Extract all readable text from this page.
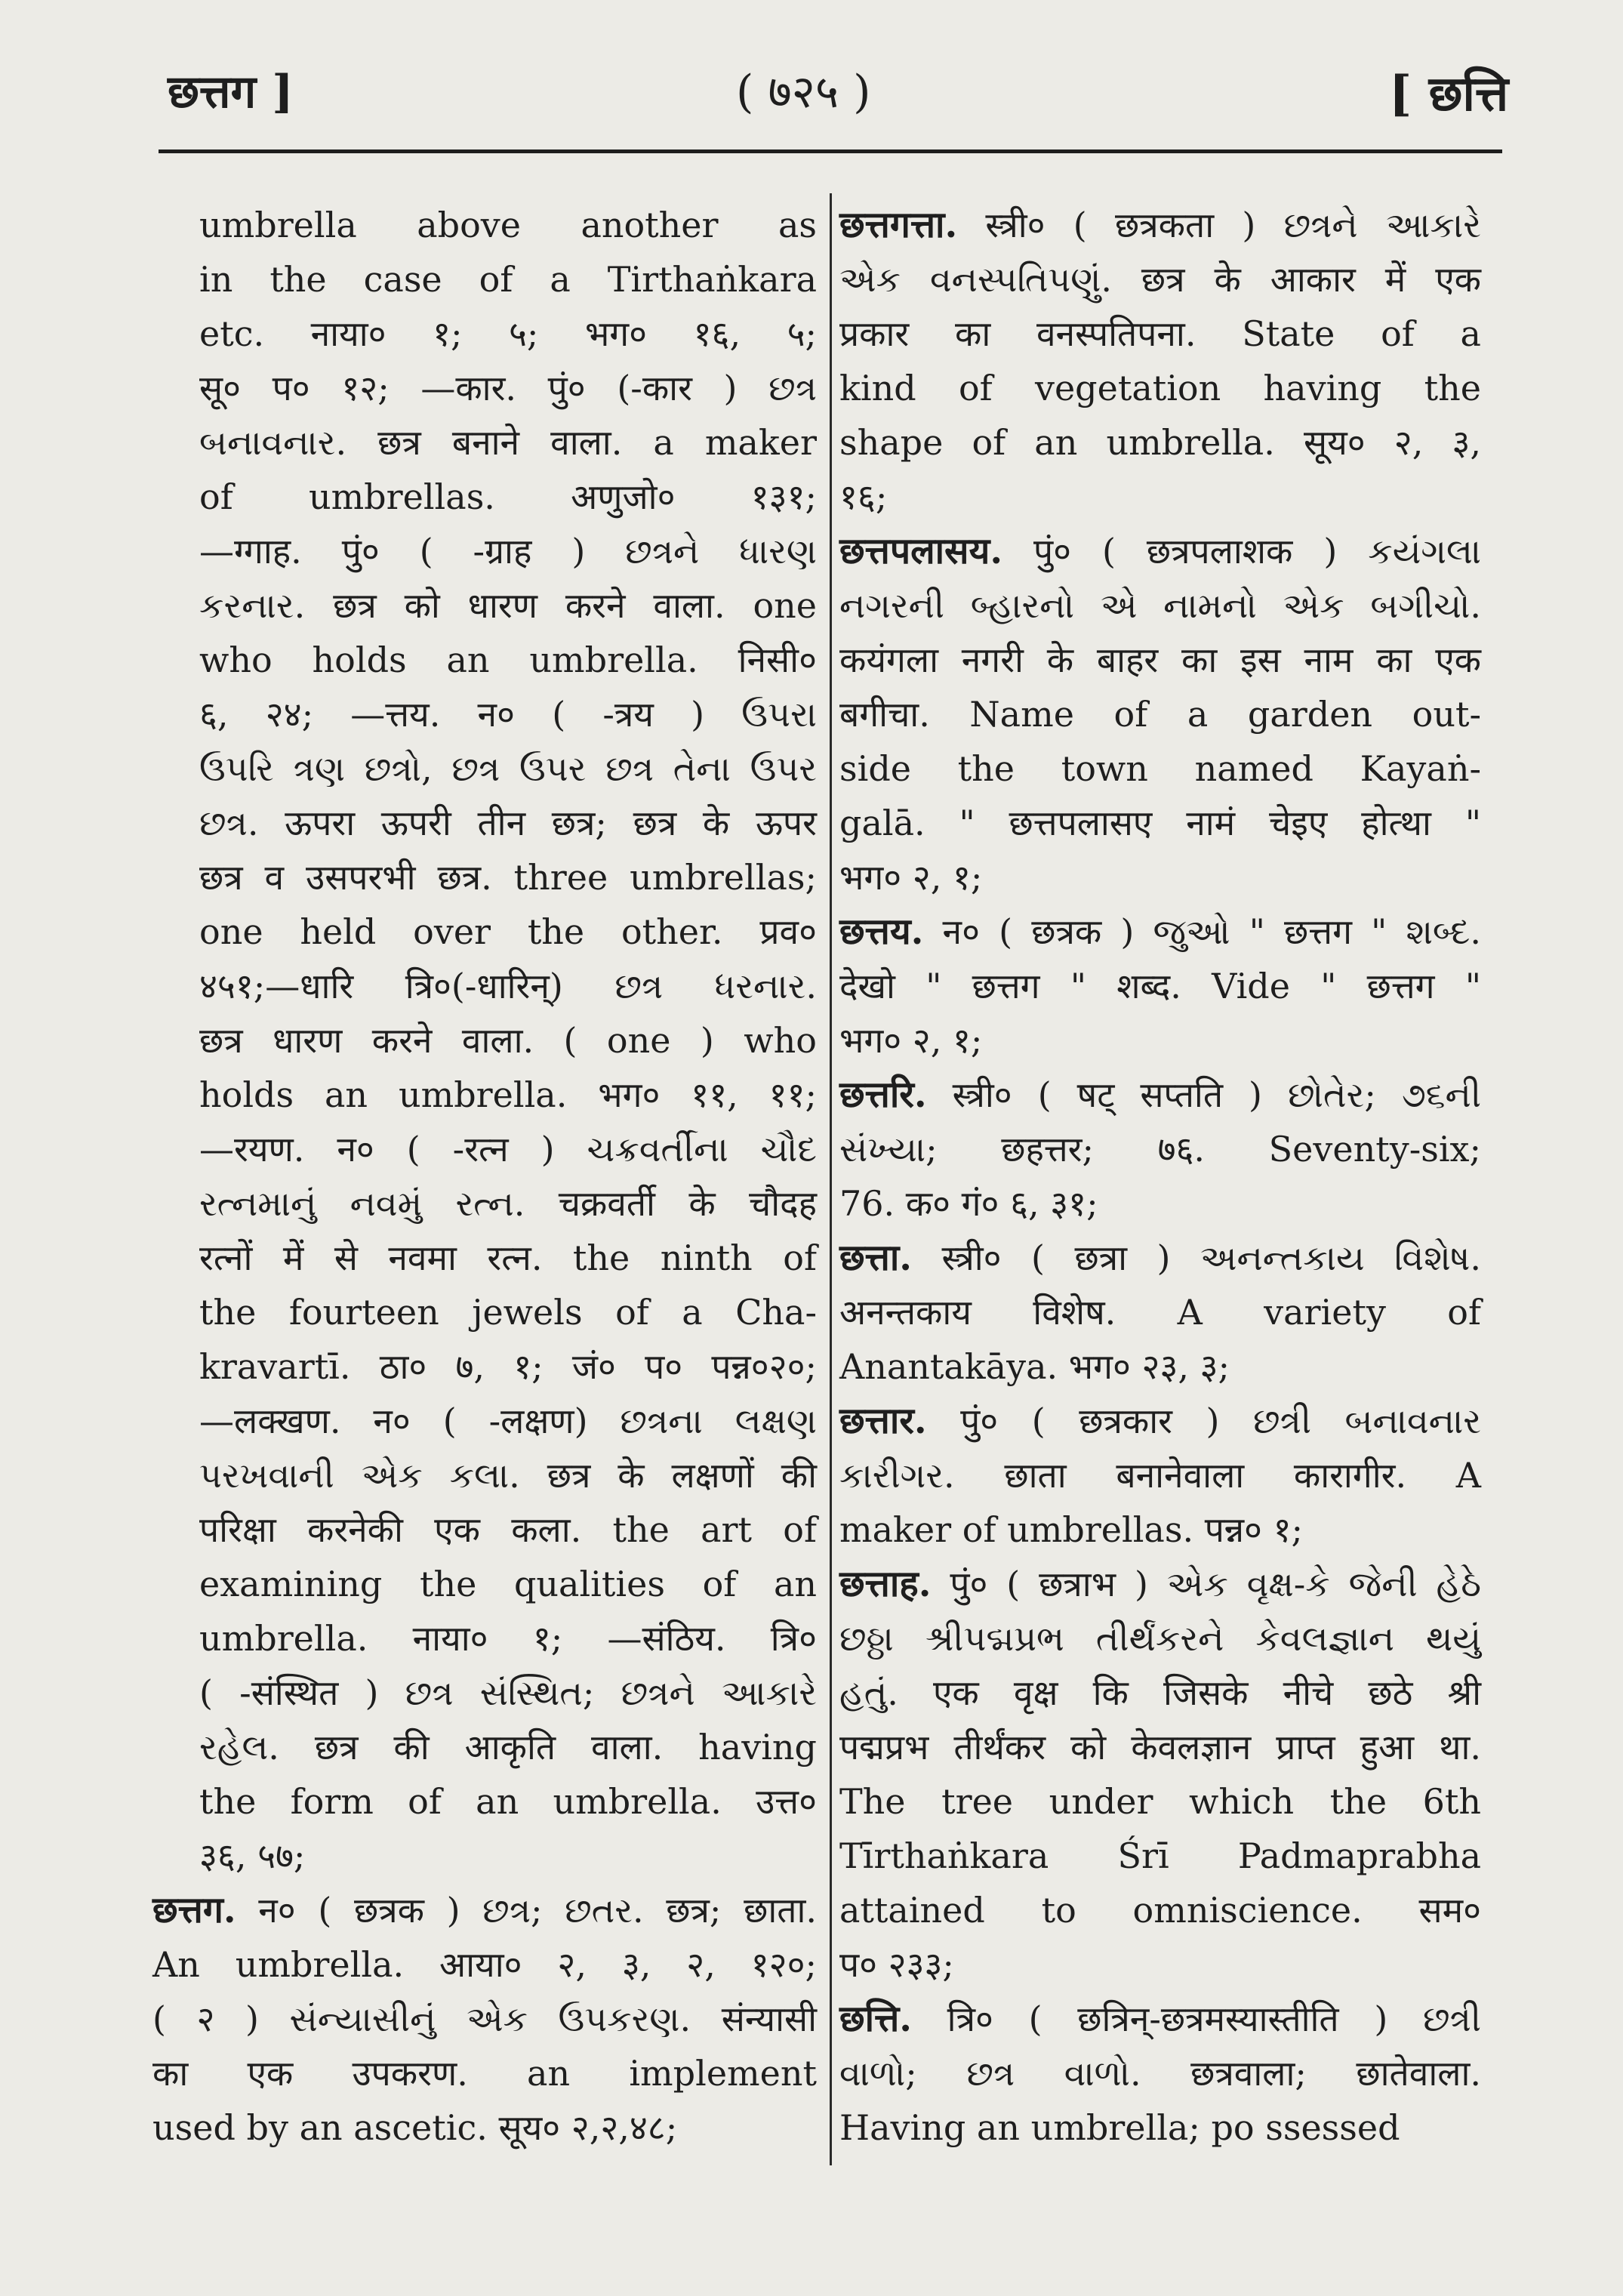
छत्तग ]	( ७२५ )	[ छत्ति
umbrella above another as
in the case of a Tirthaṅkara
etc. नाया० १; ५; भग० १६, ५;
सू० प० १२; —कार. पुं० (-कार ) છત્ર
બનાવનાર. छत्र बनाने वाला. a maker
of umbrellas. अणुजो० १३१;
—ग्गाह. पुं० ( -ग्राह ) છત્રને ધારણ
કરનાર. छत्र को धारण करने वाला. one
who holds an umbrella. निसी०
६, २४; —त्तय. न० ( -त्रय ) ઉપરા
ઉપરિ ત્રણ છત્રો, છત્ર ઉપર છત્ર તેના ઉપર
છત્ર. ऊपरा ऊपरी तीन छत्र; छत्र के ऊपर
छत्र व उसपरभी छत्र. three umbrellas;
one held over the other. प्रव०
४५१;—धारि त्रि०(-धारिन्) છત્ર ધરનાર.
छत्र धारण करने वाला. ( one ) who
holds an umbrella. भग० ११, ११;
—रयण. न० ( -रत्न ) ચક્રવર્તીના ચૌદ
રત્નમાનું નવમું રત્ન. चक्रवर्ती के चौदह
रत्नों में से नवमा रत्न. the ninth of
the fourteen jewels of a Cha-
kravartī. ठा० ७, १; जं० प० पन्न०२०;
—लक्खण. न० ( -लक्षण) છત્રના લક્ષણ
પરખવાની એક કલા. छत्र के लक्षणों की
परिक्षा करनेकी एक कला. the art of
examining the qualities of an
umbrella. नाया० १; —संठिय. त्रि०
( -संस्थित ) છત્ર સંસ્થિત; છત્રને આકારે
રહેલ. छत्र की आकृति वाला. having
the form of an umbrella. उत्त०
३६, ५७;
छत्तग. न० ( छत्रक ) છત્ર; છતર. छत्र; छाता.
An umbrella. आया० २, ३, २, १२०;
( २ ) સંન્યાસીનું એક ઉપકરણ. संन्यासी
का एक उपकरण. an implement
used by an ascetic. सूय० २,२,४८;
छत्तगत्ता. स्त्री० ( छत्रकता ) છત્રને આકારે
એક વનસ્પતિપણું. छत्र के आकार में एक
प्रकार का वनस्पतिपना. State of a
kind of vegetation having the
shape of an umbrella. सूय० २, ३,
१६;
छत्तपलासय. पुं० ( छत्रपलाशक ) કયંગલા
નગરની બ્હારનો એ નામનો એક બગીચો.
कयंगला नगरी के बाहर का इस नाम का एक
बगीचा. Name of a garden out-
side the town named Kayaṅ-
galā. " छत्तपलासए नामं चेइए होत्था "
भग० २, १;
छत्तय. न० ( छत्रक ) જુઓ " छत्तग " શબ્દ.
देखो " छत्तग " शब्द. Vide " छत्तग "
भग० २, १;
छत्तरि. स्त्री० ( षट् सप्तति ) છોતેર; ૭૬ની
સંખ્યા; छहत्तर; ७६. Seventy-six;
76. क० गं० ६, ३१;
छत्ता. स्त्री० ( छत्रा ) અનન્તકાય વિશેષ.
अनन्तकाय विशेष. A variety of
Anantakāya. भग० २३, ३;
छत्तार. पुं० ( छत्रकार ) છત્રી બનાવનાર
કારીગર. छाता बनानेवाला कारागीर. A
maker of umbrellas. पन्न० १;
छत्ताह. पुं० ( छत्राभ ) એક વૃક્ષ-કે જેની હેઠે
છઠ્ઠા શ્રીપદ્મપ્રભ તીર્થંકરને કેવલજ્ઞાન થયું
હતું. एक वृक्ष कि जिसके नीचे छठे श्री
पद्मप्रभ तीर्थंकर को केवलज्ञान प्राप्त हुआ था.
The tree under which the 6th
Tīrthaṅkara Śrī Padmaprabha
attained to omniscience. सम०
प० २३३;
छत्ति. त्रि० ( छत्रिन्-छत्रमस्यास्तीति ) છત્રી
વાળો; છત્ર વાળો. छत्रवाला; छातेवाला.
Having an umbrella; po ssessed
